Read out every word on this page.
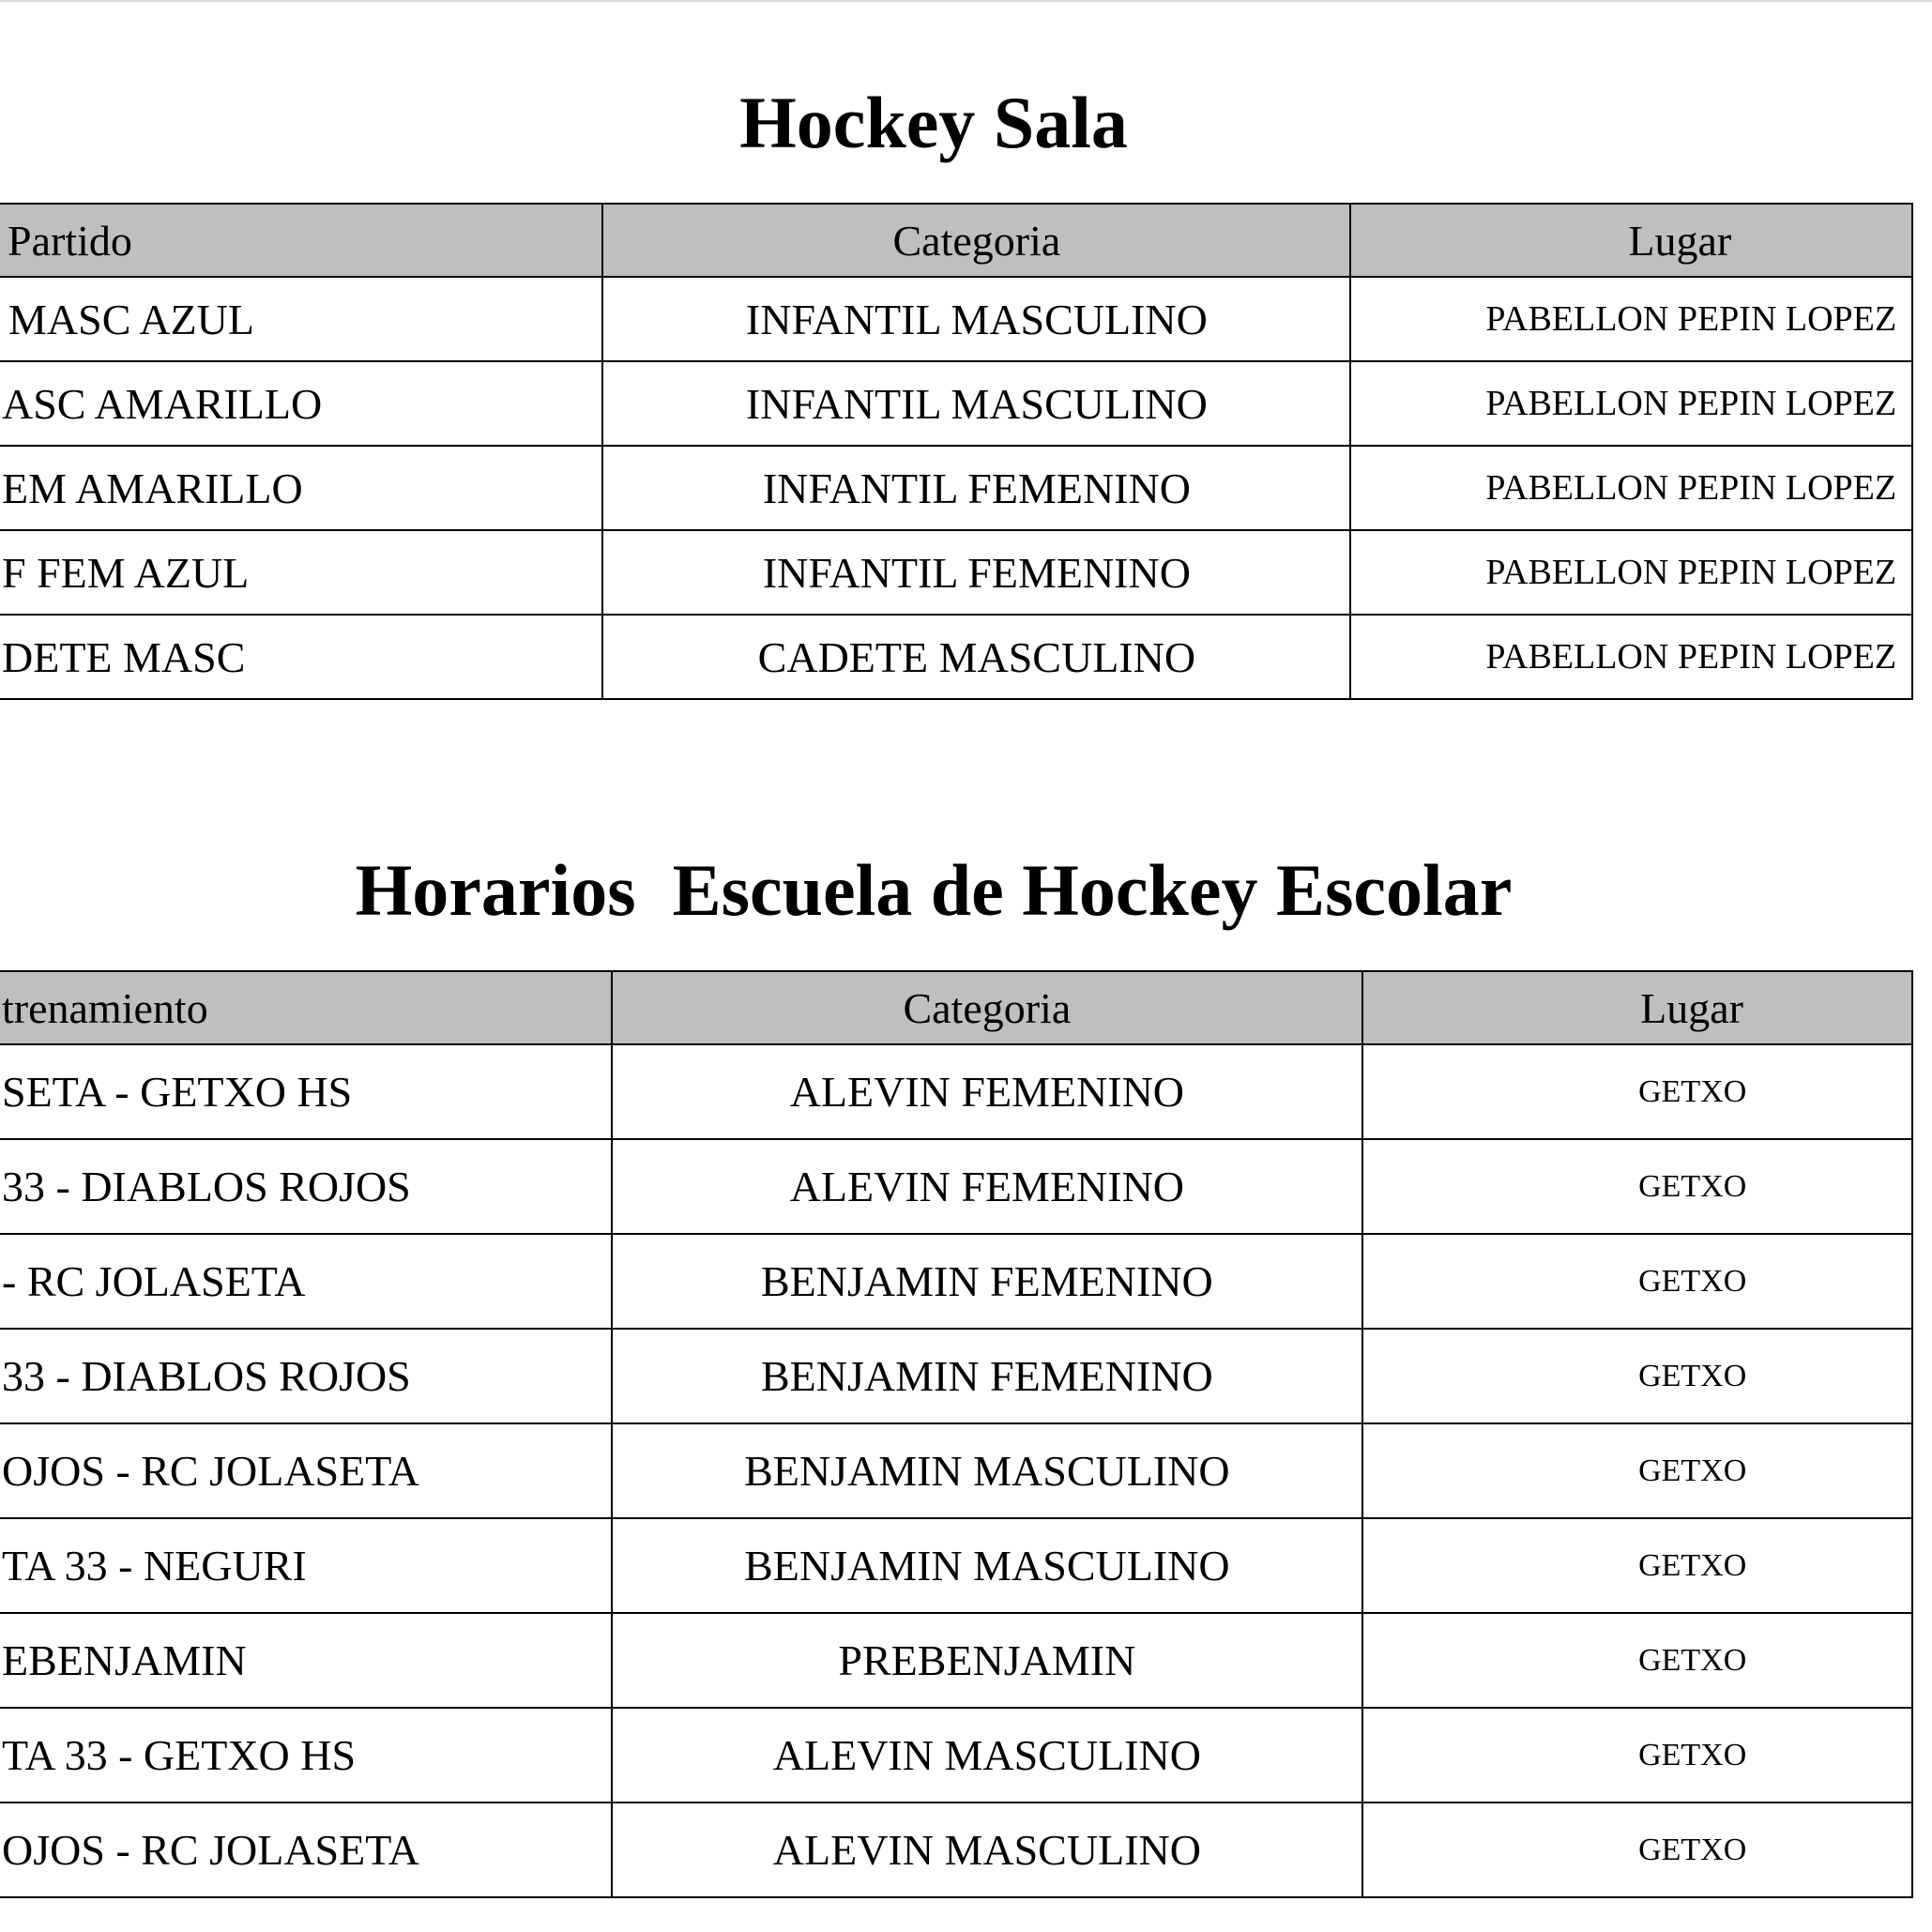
Hockey Sala
Partido	Categoria	Lugar

MASC AZUL	INFANTIL MASCULINO	PABELLON PEPIN LOPEZ

ASC AMARILLO	INFANTIL MASCULINO	PABELLON PEPIN LOPEZ

EM AMARILLO	INFANTIL FEMENINO	PABELLON PEPIN LOPEZ

F FEM AZUL	INFANTIL FEMENINO	PABELLON PEPIN LOPEZ

DETE MASC	CADETE MASCULINO	PABELLON PEPIN LOPEZ
Horarios  Escuela de Hockey Escolar
trenamiento	Categoria	Lugar

SETA - GETXO HS	ALEVIN FEMENINO	GETXO

33 - DIABLOS ROJOS	ALEVIN FEMENINO	GETXO

- RC JOLASETA	BENJAMIN FEMENINO	GETXO

33 - DIABLOS ROJOS	BENJAMIN FEMENINO	GETXO

OJOS - RC JOLASETA	BENJAMIN MASCULINO	GETXO

TA 33 - NEGURI	BENJAMIN MASCULINO	GETXO

EBENJAMIN	PREBENJAMIN	GETXO

TA 33 - GETXO HS	ALEVIN MASCULINO	GETXO

OJOS - RC JOLASETA	ALEVIN MASCULINO	GETXO
